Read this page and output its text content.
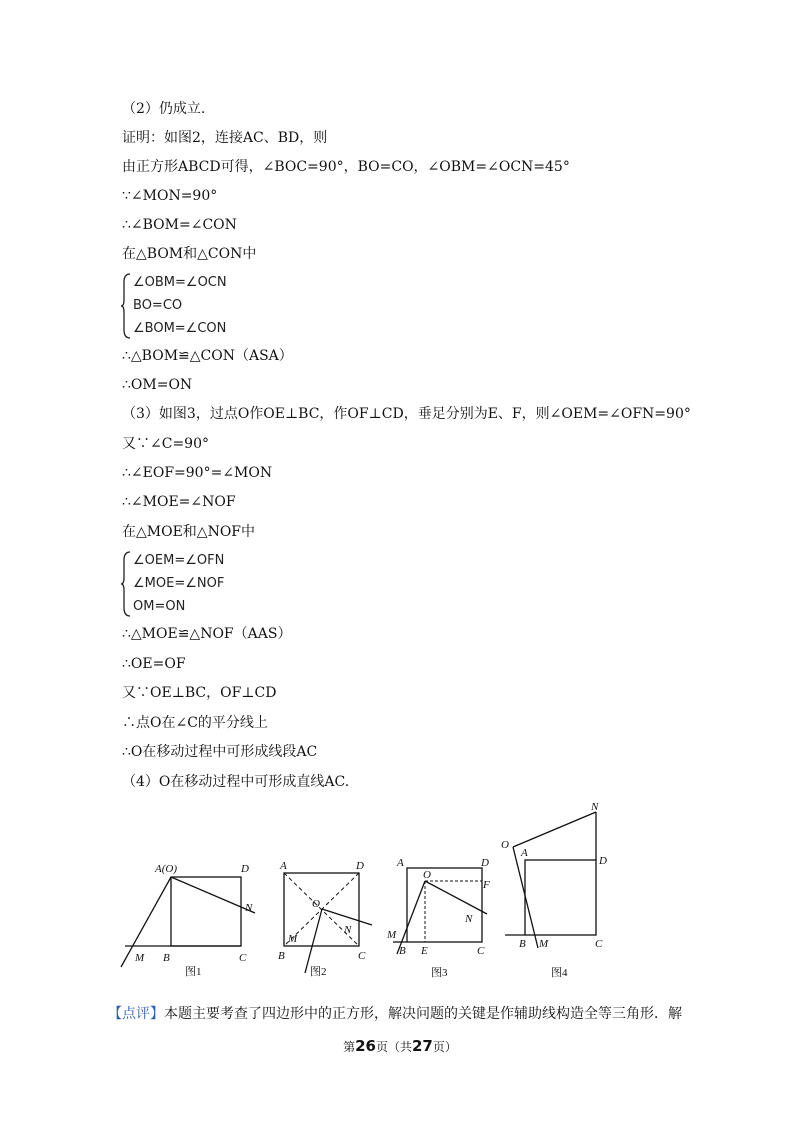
（2）仍成立.
证明：如图2，连接AC、BD，则
由正方形ABCD可得，∠BOC=90°，BO=CO，∠OBM=∠OCN=45°
∵∠MON=90°
∴∠BOM=∠CON
在△BOM和△CON中
∠OBM=∠OCN
BO=CO
∠BOM=∠CON
∴△BOM≌△CON（ASA）
∴OM=ON
（3）如图3，过点O作OE⊥BC，作OF⊥CD，垂足分别为E、F，则∠OEM=∠OFN=90°
又∵∠C=90°
∴∠EOF=90°=∠MON
∴∠MOE=∠NOF
在△MOE和△NOF中
∠OEM=∠OFN
∠MOE=∠NOF
OM=ON
∴△MOE≌△NOF（AAS）
∴OE=OF
又∵OE⊥BC，OF⊥CD
∴点O在∠C的平分线上
∴O在移动过程中可形成线段AC
（4）O在移动过程中可形成直线AC.
A(O)	D
N
M B	C
图1
A	D
O
M
N
B	C
图2
A	D
O
F
N
M
B E	C
图3
N
O
A
D
B M	C
图4
【点评】本题主要考查了四边形中的正方形，解决问题的关键是作辅助线构造全等三角形．解
第26页（共27页）
